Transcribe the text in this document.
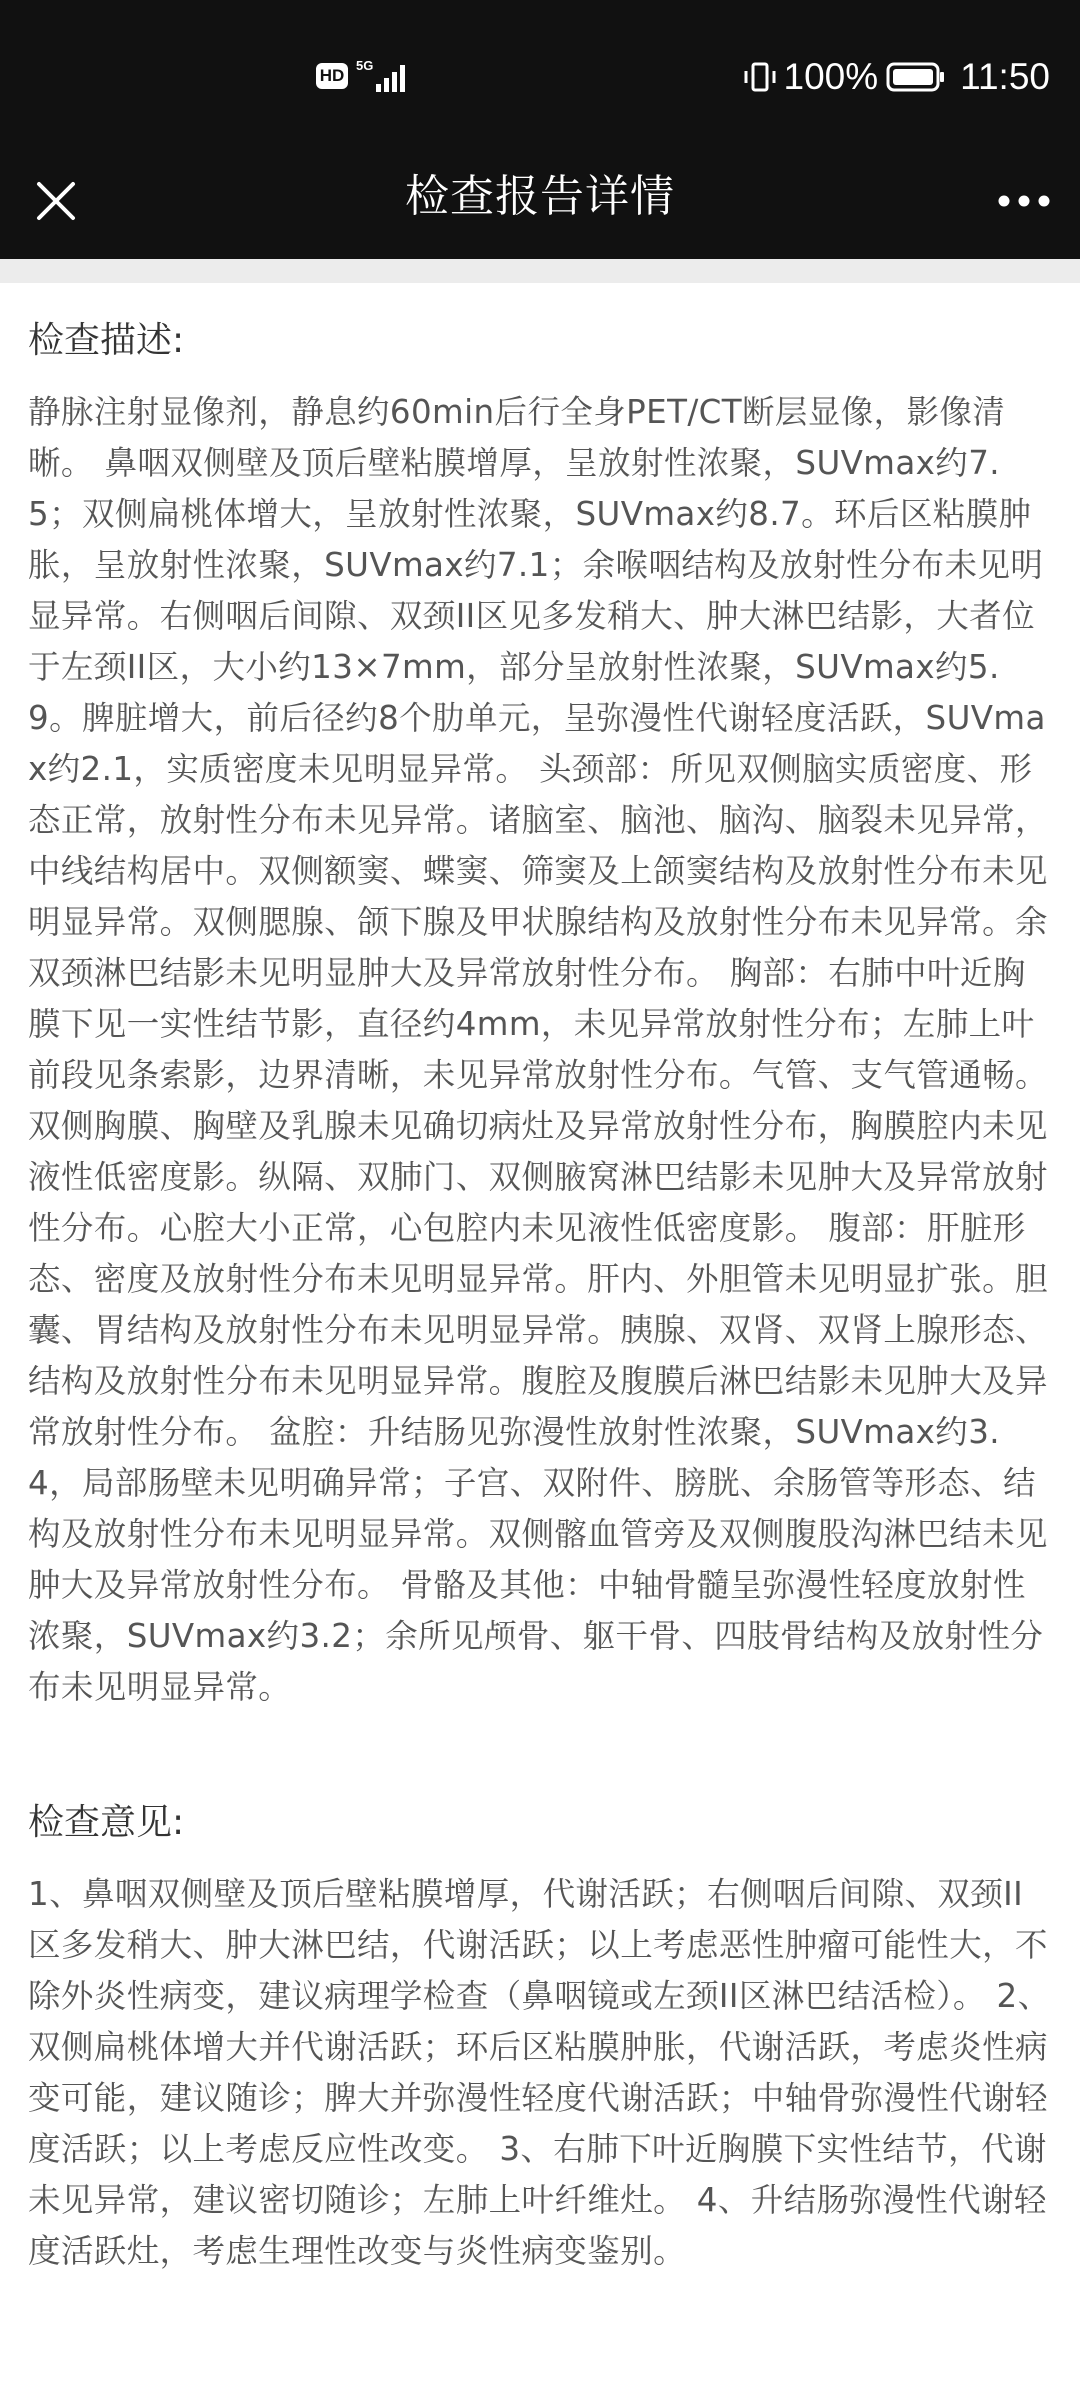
HD
5G	100% 11:50
检查报告详情
检查描述:
静脉注射显像剂，静息约60min后行全身PET/CT断层显像，影像清晰。 鼻咽双侧壁及顶后壁粘膜增厚，呈放射性浓聚，SUVmax约7.5；双侧扁桃体增大，呈放射性浓聚，SUVmax约8.7。环后区粘膜肿胀，呈放射性浓聚，SUVmax约7.1；余喉咽结构及放射性分布未见明显异常。右侧咽后间隙、双颈II区见多发稍大、肿大淋巴结影，大者位于左颈II区，大小约13×7mm，部分呈放射性浓聚，SUVmax约5.9。脾脏增大，前后径约8个肋单元，呈弥漫性代谢轻度活跃，SUVmax约2.1，实质密度未见明显异常。 头颈部：所见双侧脑实质密度、形态正常，放射性分布未见异常。诸脑室、脑池、脑沟、脑裂未见异常，中线结构居中。双侧额窦、蝶窦、筛窦及上颌窦结构及放射性分布未见明显异常。双侧腮腺、颌下腺及甲状腺结构及放射性分布未见异常。余双颈淋巴结影未见明显肿大及异常放射性分布。 胸部：右肺中叶近胸膜下见一实性结节影，直径约4mm，未见异常放射性分布；左肺上叶前段见条索影，边界清晰，未见异常放射性分布。气管、支气管通畅。双侧胸膜、胸壁及乳腺未见确切病灶及异常放射性分布，胸膜腔内未见液性低密度影。纵隔、双肺门、双侧腋窝淋巴结影未见肿大及异常放射性分布。心腔大小正常，心包腔内未见液性低密度影。 腹部：肝脏形态、密度及放射性分布未见明显异常。肝内、外胆管未见明显扩张。胆囊、胃结构及放射性分布未见明显异常。胰腺、双肾、双肾上腺形态、结构及放射性分布未见明显异常。腹腔及腹膜后淋巴结影未见肿大及异常放射性分布。 盆腔：升结肠见弥漫性放射性浓聚，SUVmax约3.4，局部肠壁未见明确异常；子宫、双附件、膀胱、余肠管等形态、结构及放射性分布未见明显异常。双侧髂血管旁及双侧腹股沟淋巴结未见肿大及异常放射性分布。 骨骼及其他：中轴骨髓呈弥漫性轻度放射性浓聚，SUVmax约3.2；余所见颅骨、躯干骨、四肢骨结构及放射性分布未见明显异常。
检查意见:
1、鼻咽双侧壁及顶后壁粘膜增厚，代谢活跃；右侧咽后间隙、双颈II区多发稍大、肿大淋巴结，代谢活跃；以上考虑恶性肿瘤可能性大，不除外炎性病变，建议病理学检查（鼻咽镜或左颈II区淋巴结活检）。 2、双侧扁桃体增大并代谢活跃；环后区粘膜肿胀，代谢活跃，考虑炎性病变可能，建议随诊；脾大并弥漫性轻度代谢活跃；中轴骨弥漫性代谢轻度活跃；以上考虑反应性改变。 3、右肺下叶近胸膜下实性结节，代谢未见异常，建议密切随诊；左肺上叶纤维灶。 4、升结肠弥漫性代谢轻度活跃灶，考虑生理性改变与炎性病变鉴别。
